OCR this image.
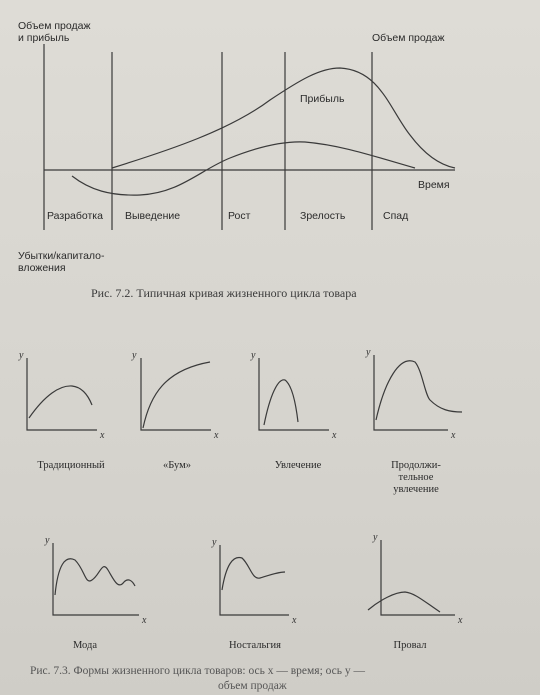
Объем продаж
и прибыль	Объем продаж
Прибыль
Время
Разработка Выведение	Рост	Зрелость	Спад
Убытки/капитало-
вложения
Рис. 7.2. Типичная кривая жизненного цикла товара
y
x
y
x
y
x
y
x
y
x
y
x
y
x
Традиционный	«Бум»	Увлечение	Продолжи-
тельное
увлечение
Мода	Ностальгия	Провал
Рис. 7.3. Формы жизненного цикла товаров: ось x — время; ось y —
объем продаж
